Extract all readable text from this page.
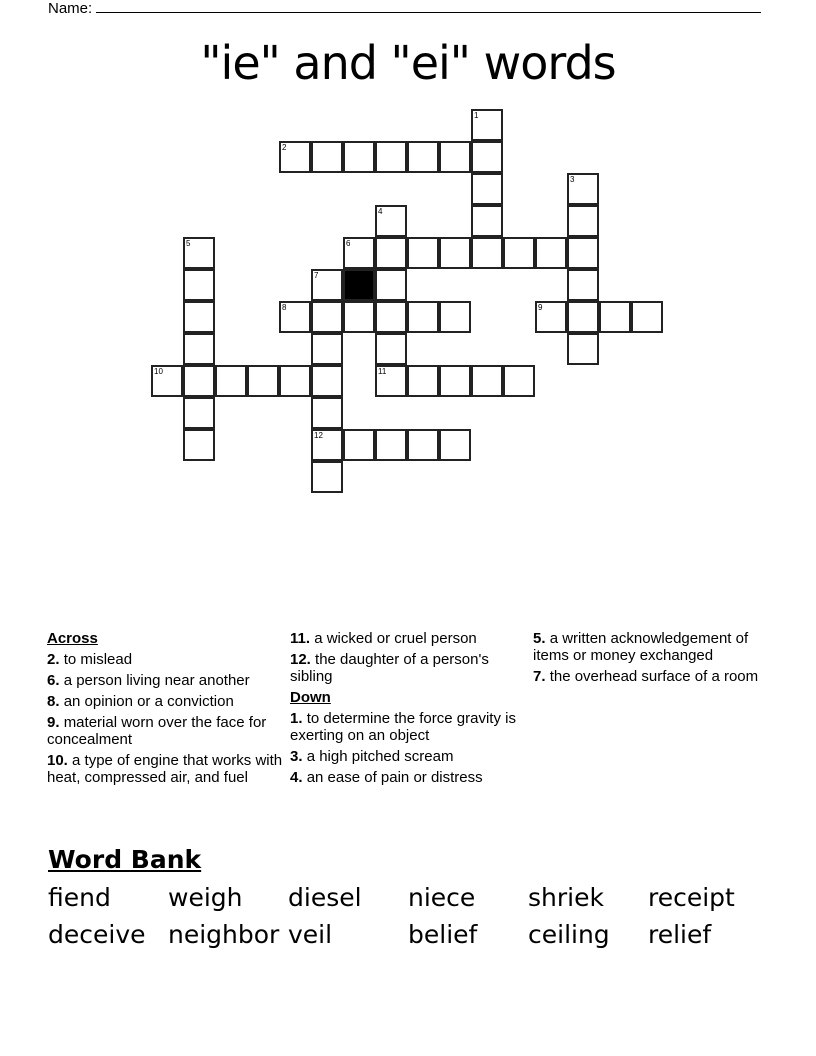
Name:
"ie" and "ei" words
1
2
3
4
11
5	6
7
12
8	9
10
Across
2. to mislead
6. a person living near another
8. an opinion or a conviction
9. material worn over the face for concealment
10. a type of engine that works with heat, compressed air, and fuel
11. a wicked or cruel person
12. the daughter of a person's sibling
Down
1. to determine the force gravity is exerting on an object
3. a high pitched scream
4. an ease of pain or distress
5. a written acknowledgement of items or money exchanged
7. the overhead surface of a room
Word Bank
fiend weigh diesel niece shriek receipt
deceive neighbor veil	belief ceiling relief
